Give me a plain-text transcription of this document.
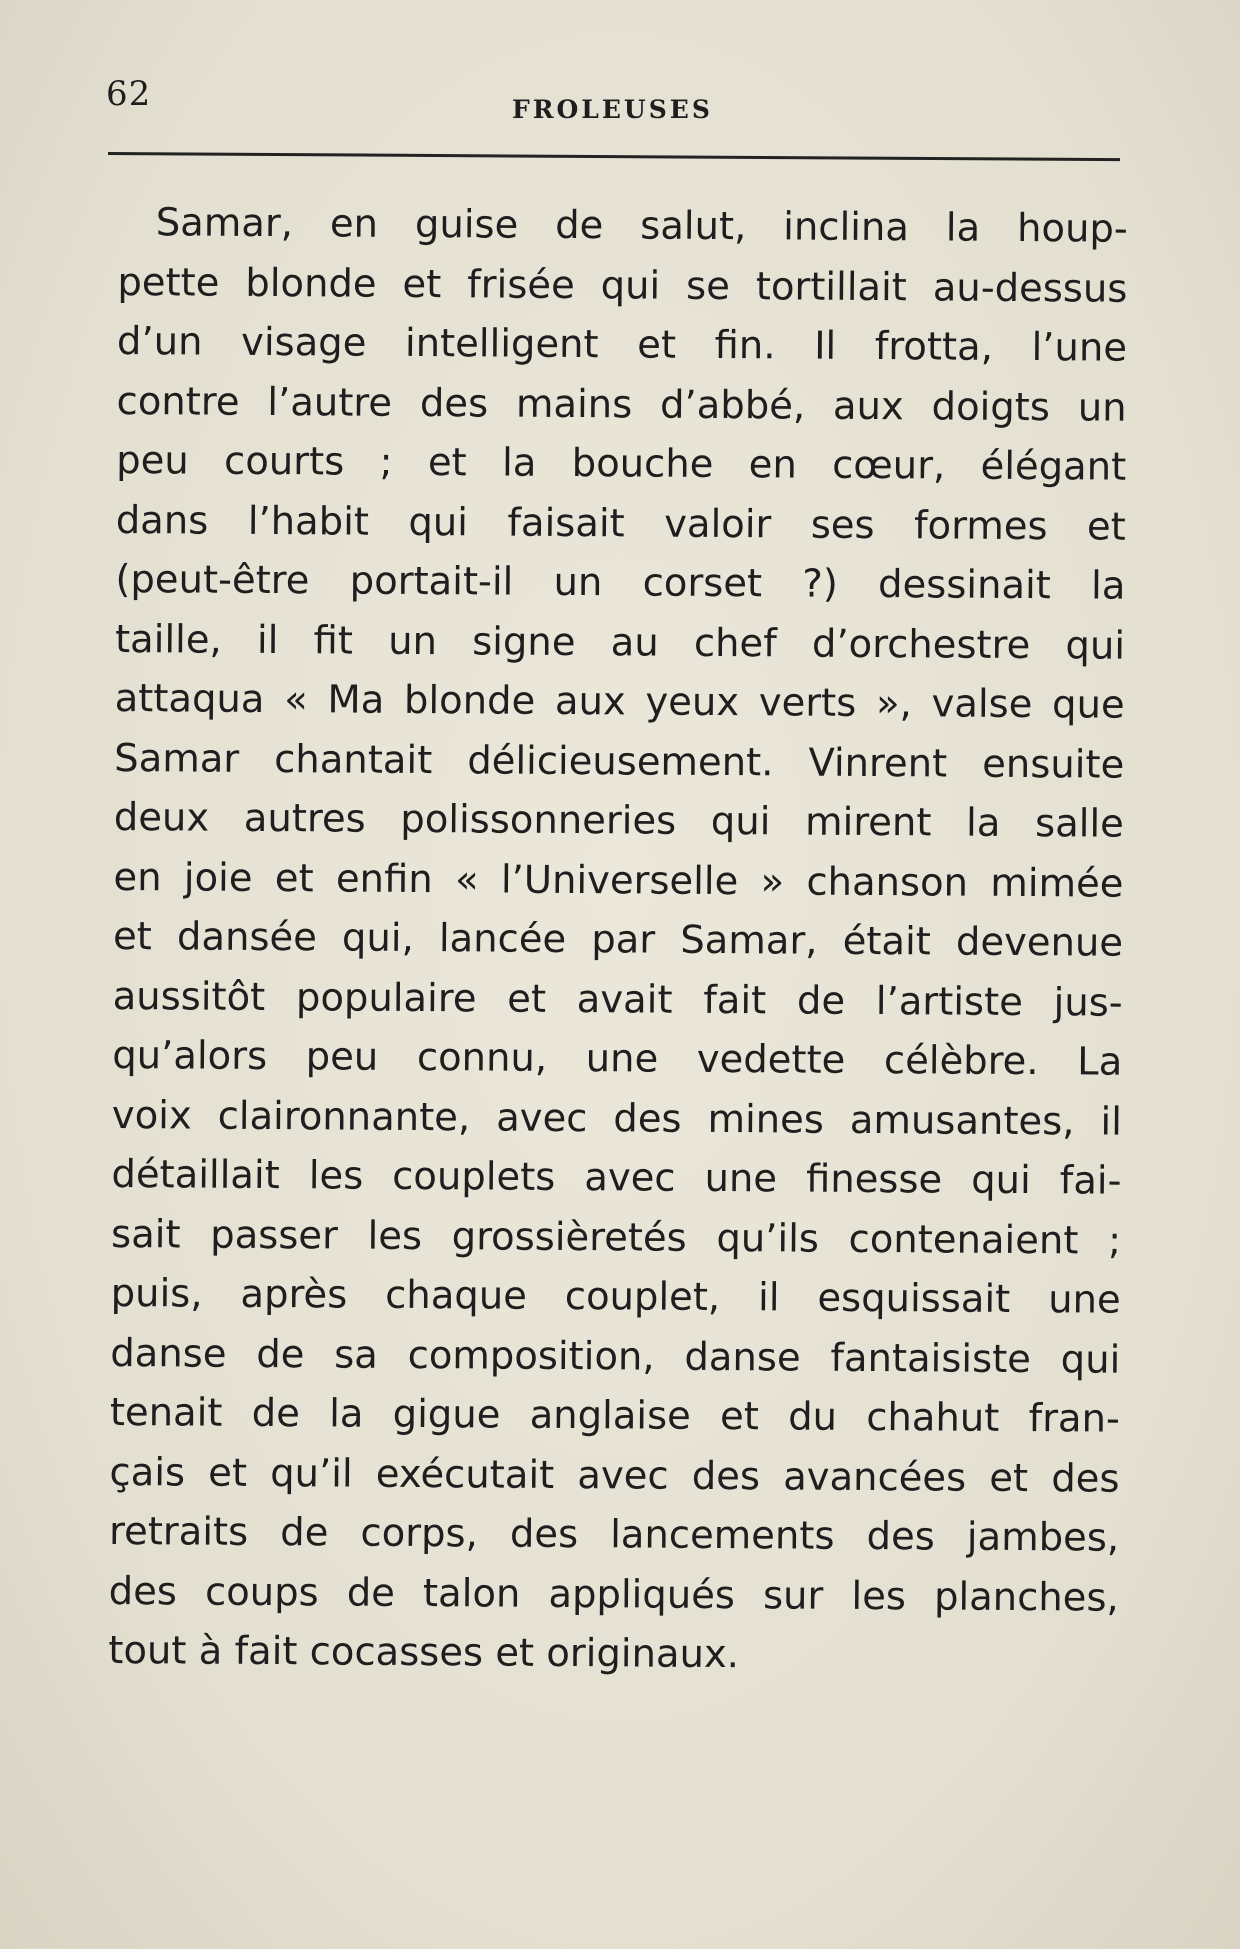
62	FROLEUSES
Samar, en guise de salut, inclina la houp-
pette blonde et frisée qui se tortillait au-dessus
d’un visage intelligent et fin. Il frotta, l’une
contre l’autre des mains d’abbé, aux doigts un
peu courts ; et la bouche en cœur, élégant
dans l’habit qui faisait valoir ses formes et
(peut-être portait-il un corset ?) dessinait la
taille, il fit un signe au chef d’orchestre qui
attaqua « Ma blonde aux yeux verts », valse que
Samar chantait délicieusement. Vinrent ensuite
deux autres polissonneries qui mirent la salle
en joie et enfin « l’Universelle » chanson mimée
et dansée qui, lancée par Samar, était devenue
aussitôt populaire et avait fait de l’artiste jus-
qu’alors peu connu, une vedette célèbre. La
voix claironnante, avec des mines amusantes, il
détaillait les couplets avec une finesse qui fai-
sait passer les grossièretés qu’ils contenaient ;
puis, après chaque couplet, il esquissait une
danse de sa composition, danse fantaisiste qui
tenait de la gigue anglaise et du chahut fran-
çais et qu’il exécutait avec des avancées et des
retraits de corps, des lancements des jambes,
des coups de talon appliqués sur les planches,
tout à fait cocasses et originaux.
